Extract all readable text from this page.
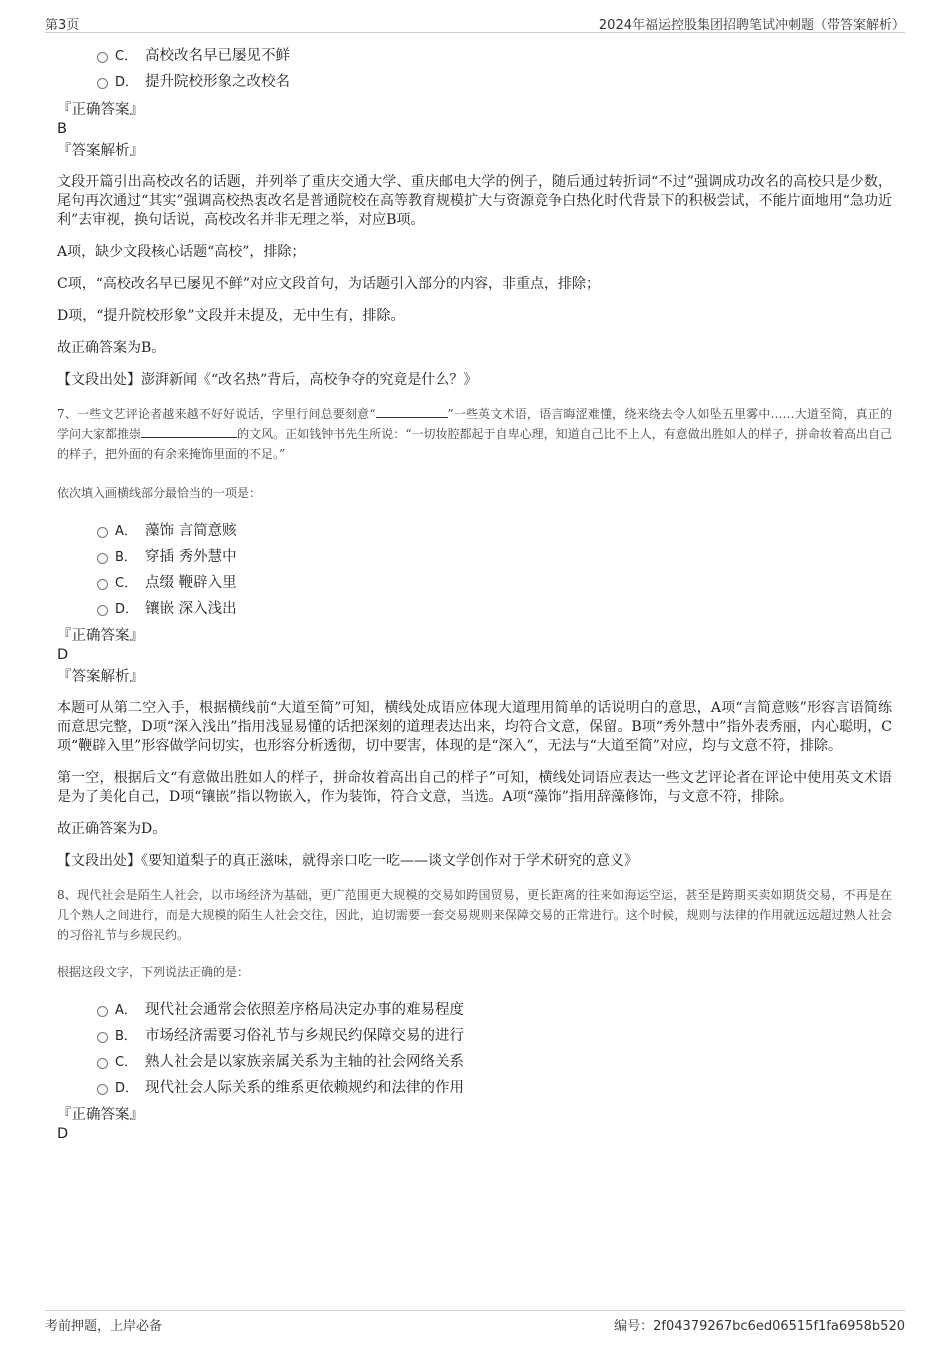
第3页	2024年福运控股集团招聘笔试冲刺题（带答案解析）
C． 高校改名早已屡见不鲜
D． 提升院校形象之改校名
『正确答案』
B
『答案解析』

文段开篇引出高校改名的话题，并列举了重庆交通大学、重庆邮电大学的例子，随后通过转折词“不过”强调成功改名的高校只是少数，尾句再次通过“其实”强调高校热衷改名是普通院校在高等教育规模扩大与资源竞争白热化时代背景下的积极尝试，不能片面地用“急功近利”去审视，换句话说，高校改名并非无理之举，对应B项。

A项，缺少文段核心话题“高校”，排除；

C项，“高校改名早已屡见不鲜”对应文段首句，为话题引入部分的内容，非重点，排除；

D项，“提升院校形象”文段并未提及，无中生有，排除。

故正确答案为B。

【文段出处】澎湃新闻《“改名热”背后，高校争夺的究竟是什么？》

7、一些文艺评论者越来越不好好说话，字里行间总要刻意“	”一些英文术语，语言晦涩难懂，绕来绕去令人如坠五里雾中……大道至简，真正的学问大家都推崇	的文风。正如钱钟书先生所说：“一切妆腔都起于自卑心理，知道自己比不上人，有意做出胜如人的样子，拼命妆着高出自己的样子，把外面的有余来掩饰里面的不足。”

依次填入画横线部分最恰当的一项是：

A． 藻饰 言简意赅
B． 穿插 秀外慧中
C． 点缀 鞭辟入里
D． 镶嵌 深入浅出
『正确答案』
D
『答案解析』

本题可从第二空入手，根据横线前“大道至简”可知，横线处成语应体现大道理用简单的话说明白的意思，A项“言简意赅”形容言语简练而意思完整，D项“深入浅出”指用浅显易懂的话把深刻的道理表达出来，均符合文意，保留。B项“秀外慧中”指外表秀丽，内心聪明，C项“鞭辟入里”形容做学问切实，也形容分析透彻，切中要害，体现的是“深入”，无法与“大道至简”对应，均与文意不符，排除。

第一空，根据后文“有意做出胜如人的样子，拼命妆着高出自己的样子”可知，横线处词语应表达一些文艺评论者在评论中使用英文术语是为了美化自己，D项“镶嵌”指以物嵌入，作为装饰，符合文意，当选。A项“藻饰”指用辞藻修饰，与文意不符，排除。

故正确答案为D。

【文段出处】《要知道梨子的真正滋味，就得亲口吃一吃——谈文学创作对于学术研究的意义》

8、现代社会是陌生人社会，以市场经济为基础，更广范围更大规模的交易如跨国贸易，更长距离的往来如海运空运，甚至是跨期买卖如期货交易，不再是在几个熟人之间进行，而是大规模的陌生人社会交往，因此，迫切需要一套交易规则来保障交易的正常进行。这个时候，规则与法律的作用就远远超过熟人社会的习俗礼节与乡规民约。

根据这段文字，下列说法正确的是：

A． 现代社会通常会依照差序格局决定办事的难易程度
B． 市场经济需要习俗礼节与乡规民约保障交易的进行
C． 熟人社会是以家族亲属关系为主轴的社会网络关系
D． 现代社会人际关系的维系更依赖规约和法律的作用
『正确答案』
D
考前押题，上岸必备	编号：2f04379267bc6ed06515f1fa6958b520
